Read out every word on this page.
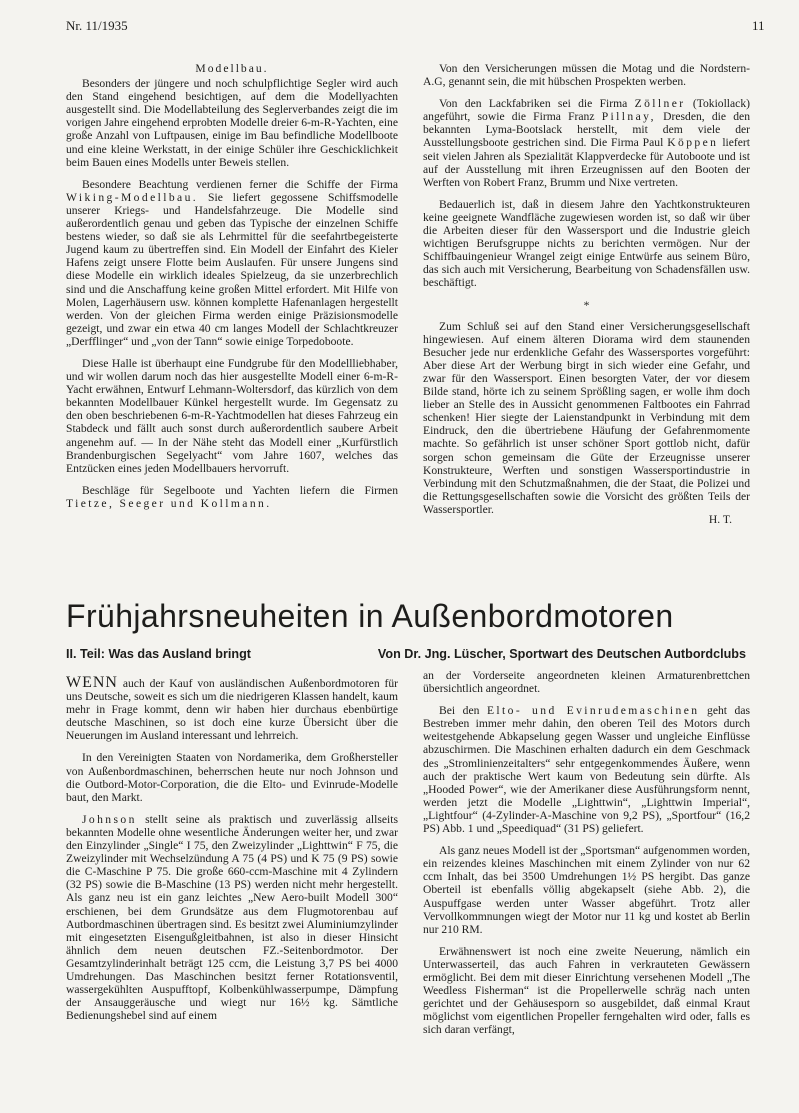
Nr. 11/1935	11

Modellbau.

Besonders der jüngere und noch schulpflichtige Segler wird auch den Stand eingehend besichtigen, auf dem die Modellyachten ausgestellt sind. Die Modellabteilung des Seglerverbandes zeigt die im vorigen Jahre eingehend erprobten Modelle dreier 6-m-R-Yachten, eine große Anzahl von Luftpausen, einige im Bau befindliche Modellboote und eine kleine Werkstatt, in der einige Schüler ihre Geschicklichkeit beim Bauen eines Modells unter Beweis stellen.

Besondere Beachtung verdienen ferner die Schiffe der Firma Wiking-Modellbau. Sie liefert gegossene Schiffsmodelle unserer Kriegs- und Handelsfahrzeuge. Die Modelle sind außerordentlich genau und geben das Typische der einzelnen Schiffe bestens wieder, so daß sie als Lehrmittel für die seefahrtbegeisterte Jugend kaum zu übertreffen sind. Ein Modell der Einfahrt des Kieler Hafens zeigt unsere Flotte beim Auslaufen. Für unsere Jungens sind diese Modelle ein wirklich ideales Spielzeug, da sie unzerbrechlich sind und die Anschaffung keine großen Mittel erfordert. Mit Hilfe von Molen, Lagerhäusern usw. können komplette Hafenanlagen hergestellt werden. Von der gleichen Firma werden einige Präzisionsmodelle gezeigt, und zwar ein etwa 40 cm langes Modell der Schlachtkreuzer „Derfflinger“ und „von der Tann“ sowie einige Torpedoboote.

Diese Halle ist überhaupt eine Fundgrube für den Modellliebhaber, und wir wollen darum noch das hier ausgestellte Modell einer 6-m-R-Yacht erwähnen, Entwurf Lehmann-Woltersdorf, das kürzlich von dem bekannten Modellbauer Künkel hergestellt wurde. Im Gegensatz zu den oben beschriebenen 6-m-R-Yachtmodellen hat dieses Fahrzeug ein Stabdeck und fällt auch sonst durch außerordentlich saubere Arbeit angenehm auf. — In der Nähe steht das Modell einer „Kurfürstlich Brandenburgischen Segelyacht“ vom Jahre 1607, welches das Entzücken eines jeden Modellbauers hervorruft.

Beschläge für Segelboote und Yachten liefern die Firmen Tietze, Seeger und Kollmann.

Von den Versicherungen müssen die Motag und die Nordstern-A.G, genannt sein, die mit hübschen Prospekten werben.

Von den Lackfabriken sei die Firma Zöllner (Tokiollack) angeführt, sowie die Firma Franz Pillnay, Dresden, die den bekannten Lyma-Bootslack herstellt, mit dem viele der Ausstellungsboote gestrichen sind. Die Firma Paul Köppen liefert seit vielen Jahren als Spezialität Klappverdecke für Autoboote und ist auf der Ausstellung mit ihren Erzeugnissen auf den Booten der Werften von Robert Franz, Brumm und Nixe vertreten.

Bedauerlich ist, daß in diesem Jahre den Yachtkonstrukteuren keine geeignete Wandfläche zugewiesen worden ist, so daß wir über die Arbeiten dieser für den Wassersport und die Industrie gleich wichtigen Berufsgruppe nichts zu berichten vermögen. Nur der Schiffbauingenieur Wrangel zeigt einige Entwürfe aus seinem Büro, das sich auch mit Versicherung, Bearbeitung von Schadensfällen usw. beschäftigt.

*

Zum Schluß sei auf den Stand einer Versicherungsgesellschaft hingewiesen. Auf einem älteren Diorama wird dem staunenden Besucher jede nur erdenkliche Gefahr des Wassersportes vorgeführt: Aber diese Art der Werbung birgt in sich wieder eine Gefahr, und zwar für den Wassersport. Einen besorgten Vater, der vor diesem Bilde stand, hörte ich zu seinem Sprößling sagen, er wolle ihm doch lieber an Stelle des in Aussicht genommenen Faltbootes ein Fahrrad schenken! Hier siegte der Laienstandpunkt in Verbindung mit dem Eindruck, den die übertriebene Häufung der Gefahrenmomente machte. So gefährlich ist unser schöner Sport gottlob nicht, dafür sorgen schon gemeinsam die Güte der Erzeugnisse unserer Konstrukteure, Werften und sonstigen Wassersportindustrie in Verbindung mit den Schutzmaßnahmen, die der Staat, die Polizei und die Rettungsgesellschaften sowie die Vorsicht des größten Teils der Wassersportler.

H. T.

Frühjahrsneuheiten in Außenbordmotoren
II. Teil: Was das Ausland bringt	Von Dr. Jng. Lüscher, Sportwart des Deutschen Autbordclubs

WENN auch der Kauf von ausländischen Außenbordmotoren für uns Deutsche, soweit es sich um die niedrigeren Klassen handelt, kaum mehr in Frage kommt, denn wir haben hier durchaus ebenbürtige deutsche Maschinen, so ist doch eine kurze Übersicht über die Neuerungen im Ausland interessant und lehrreich.

In den Vereinigten Staaten von Nordamerika, dem Großhersteller von Außenbordmaschinen, beherrschen heute nur noch Johnson und die Outbord-Motor-Corporation, die die Elto- und Evinrude-Modelle baut, den Markt.

Johnson stellt seine als praktisch und zuverlässig allseits bekannten Modelle ohne wesentliche Änderungen weiter her, und zwar den Einzylinder „Single“ I 75, den Zweizylinder „Lighttwin“ F 75, die Zweizylinder mit Wechselzündung A 75 (4 PS) und K 75 (9 PS) sowie die C-Maschine P 75. Die große 660-ccm-Maschine mit 4 Zylindern (32 PS) sowie die B-Maschine (13 PS) werden nicht mehr hergestellt. Als ganz neu ist ein ganz leichtes „New Aero-built Modell 300“ erschienen, bei dem Grundsätze aus dem Flugmotorenbau auf Autbordmaschinen übertragen sind. Es besitzt zwei Aluminiumzylinder mit eingesetzten Eisengußgleitbahnen, ist also in dieser Hinsicht ähnlich dem neuen deutschen FZ.-Seitenbordmotor. Der Gesamtzylinderinhalt beträgt 125 ccm, die Leistung 3,7 PS bei 4000 Umdrehungen. Das Maschinchen besitzt ferner Rotationsventil, wassergekühlten Auspufftopf, Kolbenkühlwasserpumpe, Dämpfung der Ansauggeräusche und wiegt nur 16½ kg. Sämtliche Bedienungshebel sind auf einem

an der Vorderseite angeordneten kleinen Armaturenbrettchen übersichtlich angeordnet.

Bei den Elto- und Evinrudemaschinen geht das Bestreben immer mehr dahin, den oberen Teil des Motors durch weitestgehende Abkapselung gegen Wasser und ungleiche Einflüsse abzuschirmen. Die Maschinen erhalten dadurch ein dem Geschmack des „Stromlinienzeitalters“ sehr entgegenkommendes Äußere, wenn auch der praktische Wert kaum von Bedeutung sein dürfte. Als „Hooded Power“, wie der Amerikaner diese Ausführungsform nennt, werden jetzt die Modelle „Lighttwin“, „Lighttwin Imperial“, „Lightfour“ (4-Zylinder-A-Maschine von 9,2 PS), „Sportfour“ (16,2 PS) Abb. 1 und „Speediquad“ (31 PS) geliefert.

Als ganz neues Modell ist der „Sportsman“ aufgenommen worden, ein reizendes kleines Maschinchen mit einem Zylinder von nur 62 ccm Inhalt, das bei 3500 Umdrehungen 1½ PS hergibt. Das ganze Oberteil ist ebenfalls völlig abgekapselt (siehe Abb. 2), die Auspuffgase werden unter Wasser abgeführt. Trotz aller Vervollkommnungen wiegt der Motor nur 11 kg und kostet ab Berlin nur 210 RM.

Erwähnenswert ist noch eine zweite Neuerung, nämlich ein Unterwasserteil, das auch Fahren in verkrauteten Gewässern ermöglicht. Bei dem mit dieser Einrichtung versehenen Modell „The Weedless Fisherman“ ist die Propellerwelle schräg nach unten gerichtet und der Gehäusesporn so ausgebildet, daß einmal Kraut möglichst vom eigentlichen Propeller ferngehalten wird oder, falls es sich daran verfängt,
